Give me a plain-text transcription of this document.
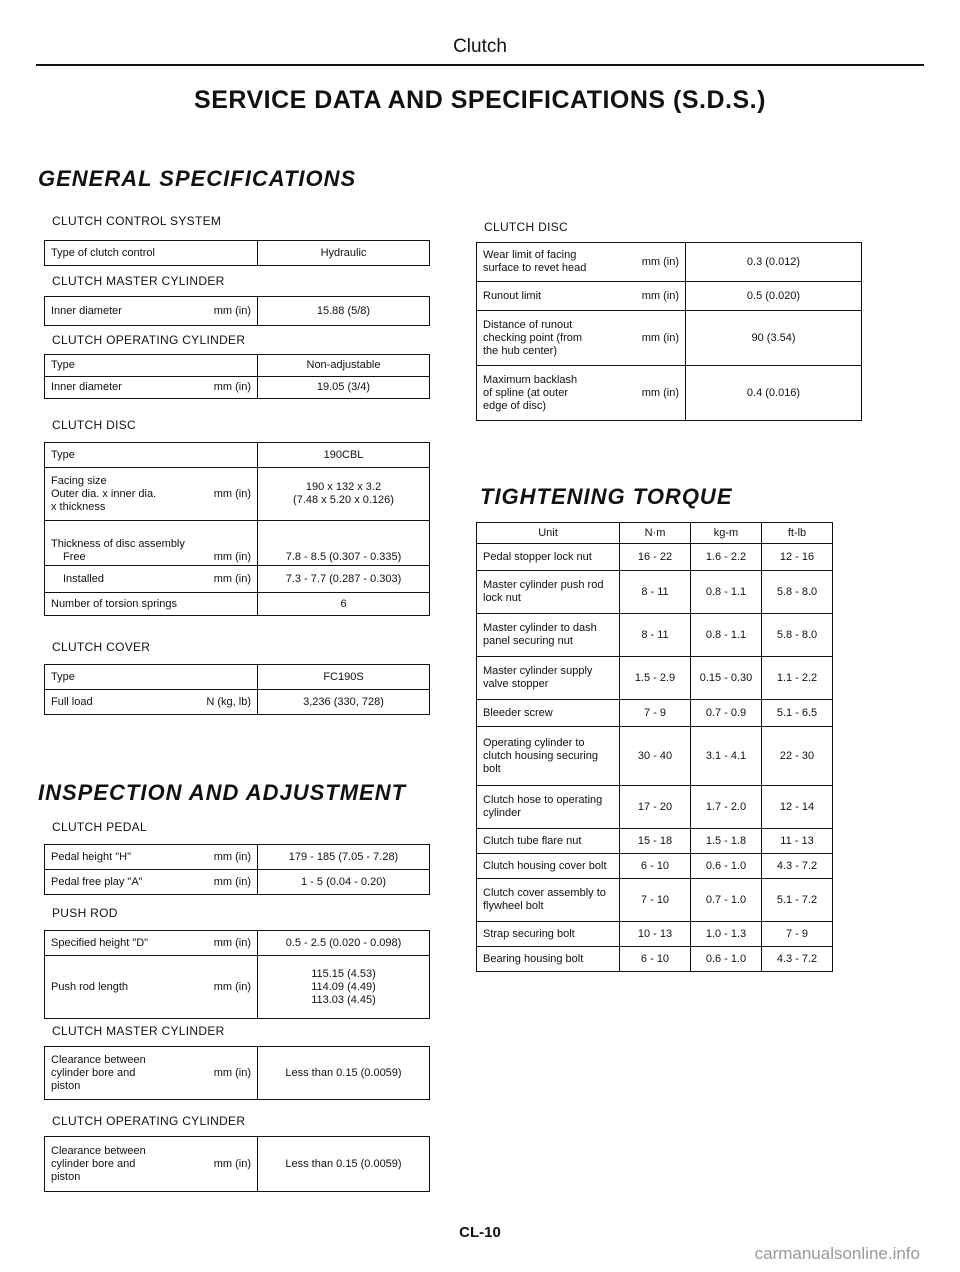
Clutch
SERVICE DATA AND SPECIFICATIONS (S.D.S.)
GENERAL SPECIFICATIONS
CLUTCH CONTROL SYSTEM
Type of clutch control	Hydraulic
CLUTCH MASTER CYLINDER
Inner diameter	mm (in)	15.88 (5/8)
CLUTCH OPERATING CYLINDER
Type	Non-adjustable

Inner diameter mm (in)	19.05 (3/4)
CLUTCH DISC
Type	190CBL

Facing size
Outer dia. x inner dia.
x thickness
mm (in)	190 x 132 x 3.2
(7.48 x 5.20 x 0.126)

Thickness of disc assembly
Free mm (in)	7.8 - 8.5 (0.307 - 0.335)

Installed mm (in)	7.3 - 7.7 (0.287 - 0.303)
Number of torsion springs	6
CLUTCH COVER
Type	FC190S

Full load N (kg, lb)	3,236 (330, 728)
INSPECTION AND ADJUSTMENT
CLUTCH PEDAL
Pedal height "H" mm (in)	179 - 185 (7.05 - 7.28)

Pedal free play "A" mm (in)	1 - 5 (0.04 - 0.20)
PUSH ROD
Specified height "D" mm (in)	0.5 - 2.5 (0.020 - 0.098)

Push rod length mm (in)	115.15 (4.53)
114.09 (4.49)
113.03 (4.45)
CLUTCH MASTER CYLINDER
Clearance between
cylinder bore and
piston
mm (in)	Less than 0.15 (0.0059)
CLUTCH OPERATING CYLINDER
Clearance between
cylinder bore and
piston
mm (in)	Less than 0.15 (0.0059)
CLUTCH DISC
Wear limit of facing
surface to revet head
mm (in)	0.3 (0.012)

Runout limit mm (in)	0.5 (0.020)

Distance of runout
checking point (from
the hub center)
mm (in)	90 (3.54)

Maximum backlash
of spline (at outer
edge of disc)
mm (in)	0.4 (0.016)
TIGHTENING TORQUE
Unit	N·m	kg-m	ft-lb
Pedal stopper lock nut	16 - 22	1.6 - 2.2	12 - 16
Master cylinder push rod
lock nut	8 - 11	0.8 - 1.1	5.8 - 8.0
Master cylinder to dash
panel securing nut	8 - 11	0.8 - 1.1	5.8 - 8.0
Master cylinder supply
valve stopper	1.5 - 2.9	0.15 - 0.30	1.1 - 2.2
Bleeder screw	7 - 9	0.7 - 0.9	5.1 - 6.5
Operating cylinder to
clutch housing securing
bolt	30 - 40	3.1 - 4.1	22 - 30
Clutch hose to operating
cylinder	17 - 20	1.7 - 2.0	12 - 14
Clutch tube flare nut	15 - 18	1.5 - 1.8	11 - 13
Clutch housing cover bolt	6 - 10	0.6 - 1.0	4.3 - 7.2
Clutch cover assembly to
flywheel bolt	7 - 10	0.7 - 1.0	5.1 - 7.2
Strap securing bolt	10 - 13	1.0 - 1.3	7 - 9
Bearing housing bolt	6 - 10	0.6 - 1.0	4.3 - 7.2
CL-10
carmanualsonline.info
